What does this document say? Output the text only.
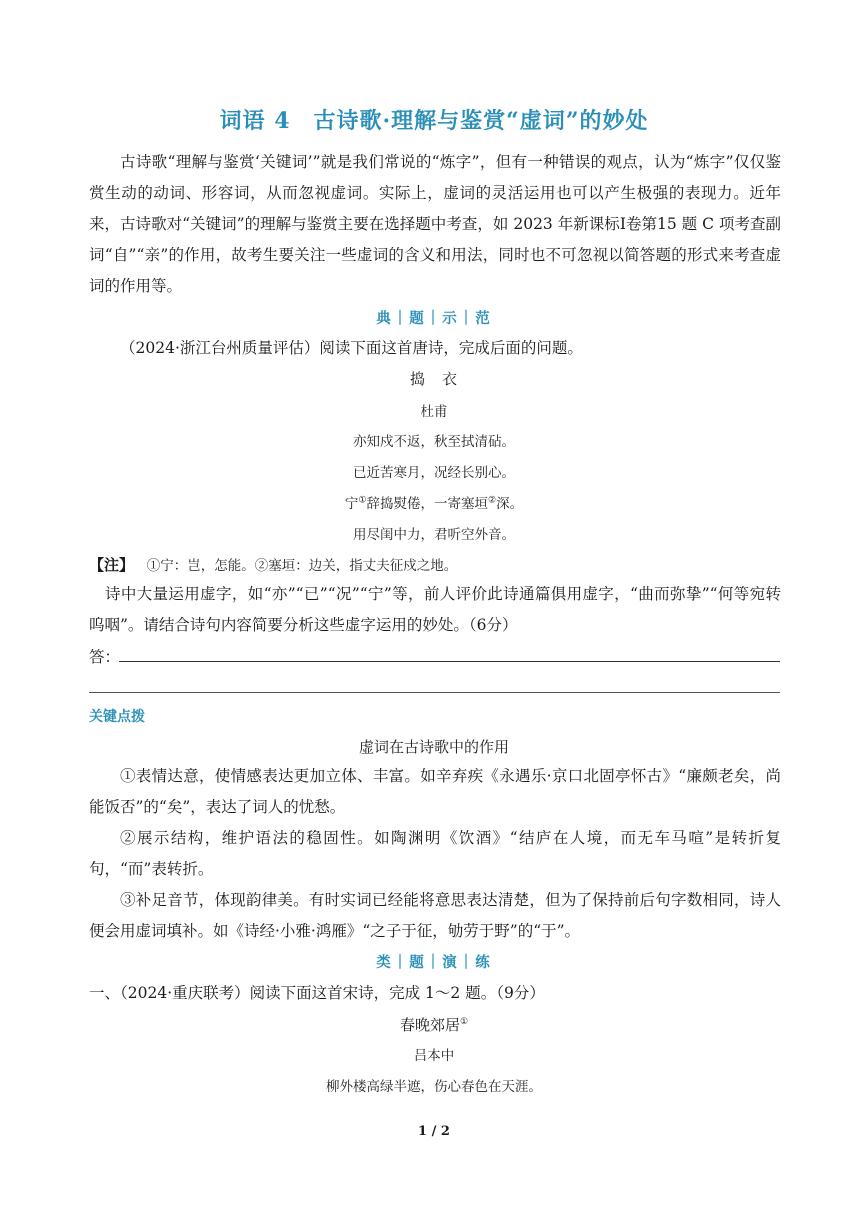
词语 4　古诗歌·理解与鉴赏“虚词”的妙处
古诗歌“理解与鉴赏‘关键词’”就是我们常说的“炼字”，但有一种错误的观点，认为“炼字”仅仅鉴赏生动的动词、形容词，从而忽视虚词。实际上，虚词的灵活运用也可以产生极强的表现力。近年来，古诗歌对“关键词”的理解与鉴赏主要在选择题中考查，如 2023 年新课标Ⅰ卷第15 题 C 项考查副词“自”“亲”的作用，故考生要关注一些虚词的含义和用法，同时也不可忽视以简答题的形式来考查虚词的作用等。
典｜题｜示｜范
（2024·浙江台州质量评估）阅读下面这首唐诗，完成后面的问题。
捣　衣
杜甫
亦知戍不返，秋至拭清砧。
已近苦寒月，况经长别心。
宁①辞捣熨倦，一寄塞垣②深。
用尽闺中力，君听空外音。
【注】 ①宁：岂，怎能。②塞垣：边关，指丈夫征戍之地。
诗中大量运用虚字，如“亦”“已”“况”“宁”等，前人评价此诗通篇俱用虚字，“曲而弥挚”“何等宛转呜咽”。请结合诗句内容简要分析这些虚字运用的妙处。（6分）
答：
关键点拨
虚词在古诗歌中的作用
①表情达意，使情感表达更加立体、丰富。如辛弃疾《永遇乐·京口北固亭怀古》“廉颇老矣，尚能饭否”的“矣”，表达了词人的忧愁。
②展示结构，维护语法的稳固性。如陶渊明《饮酒》“结庐在人境，而无车马喧”是转折复句，“而”表转折。
③补足音节，体现韵律美。有时实词已经能将意思表达清楚，但为了保持前后句字数相同，诗人便会用虚词填补。如《诗经·小雅·鸿雁》“之子于征，劬劳于野”的“于”。
类｜题｜演｜练
一、（2024·重庆联考）阅读下面这首宋诗，完成 1～2 题。（9分）
春晚郊居①
吕本中
柳外楼高绿半遮，伤心春色在天涯。
1 / 2
